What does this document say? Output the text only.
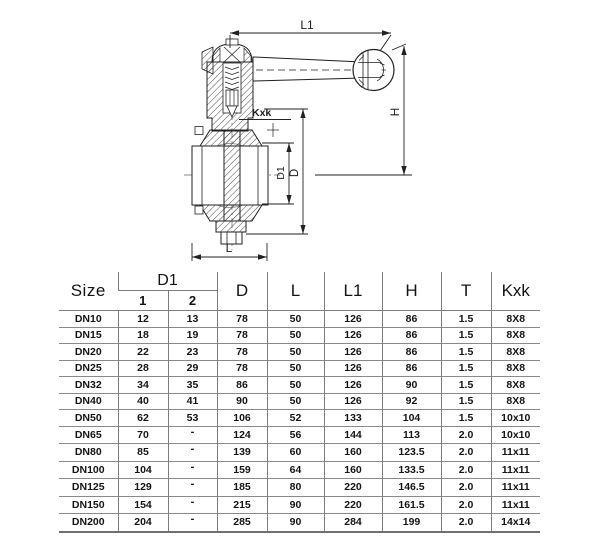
L1
H
Kxk
D1 D
L
Size	D1		D	L	L1	H	T	Kxk
	1	2						
DN10	12	13	78	50	126	86	1.5	8X8
DN15	18	19	78	50	126	86	1.5	8X8
DN20	22	23	78	50	126	86	1.5	8X8
DN25	28	29	78	50	126	86	1.5	8X8
DN32	34	35	86	50	126	90	1.5	8X8
DN40	40	41	90	50	126	92	1.5	8X8
DN50	62	53	106	52	133	104	1.5	10x10
DN65	70	-	124	56	144	113	2.0	10x10
DN80	85	-	139	60	160	123.5	2.0	11x11
DN100	104	-	159	64	160	133.5	2.0	11x11
DN125	129	-	185	80	220	146.5	2.0	11x11
DN150	154	-	215	90	220	161.5	2.0	11x11
DN200	204	-	285	90	284	199	2.0	14x14
